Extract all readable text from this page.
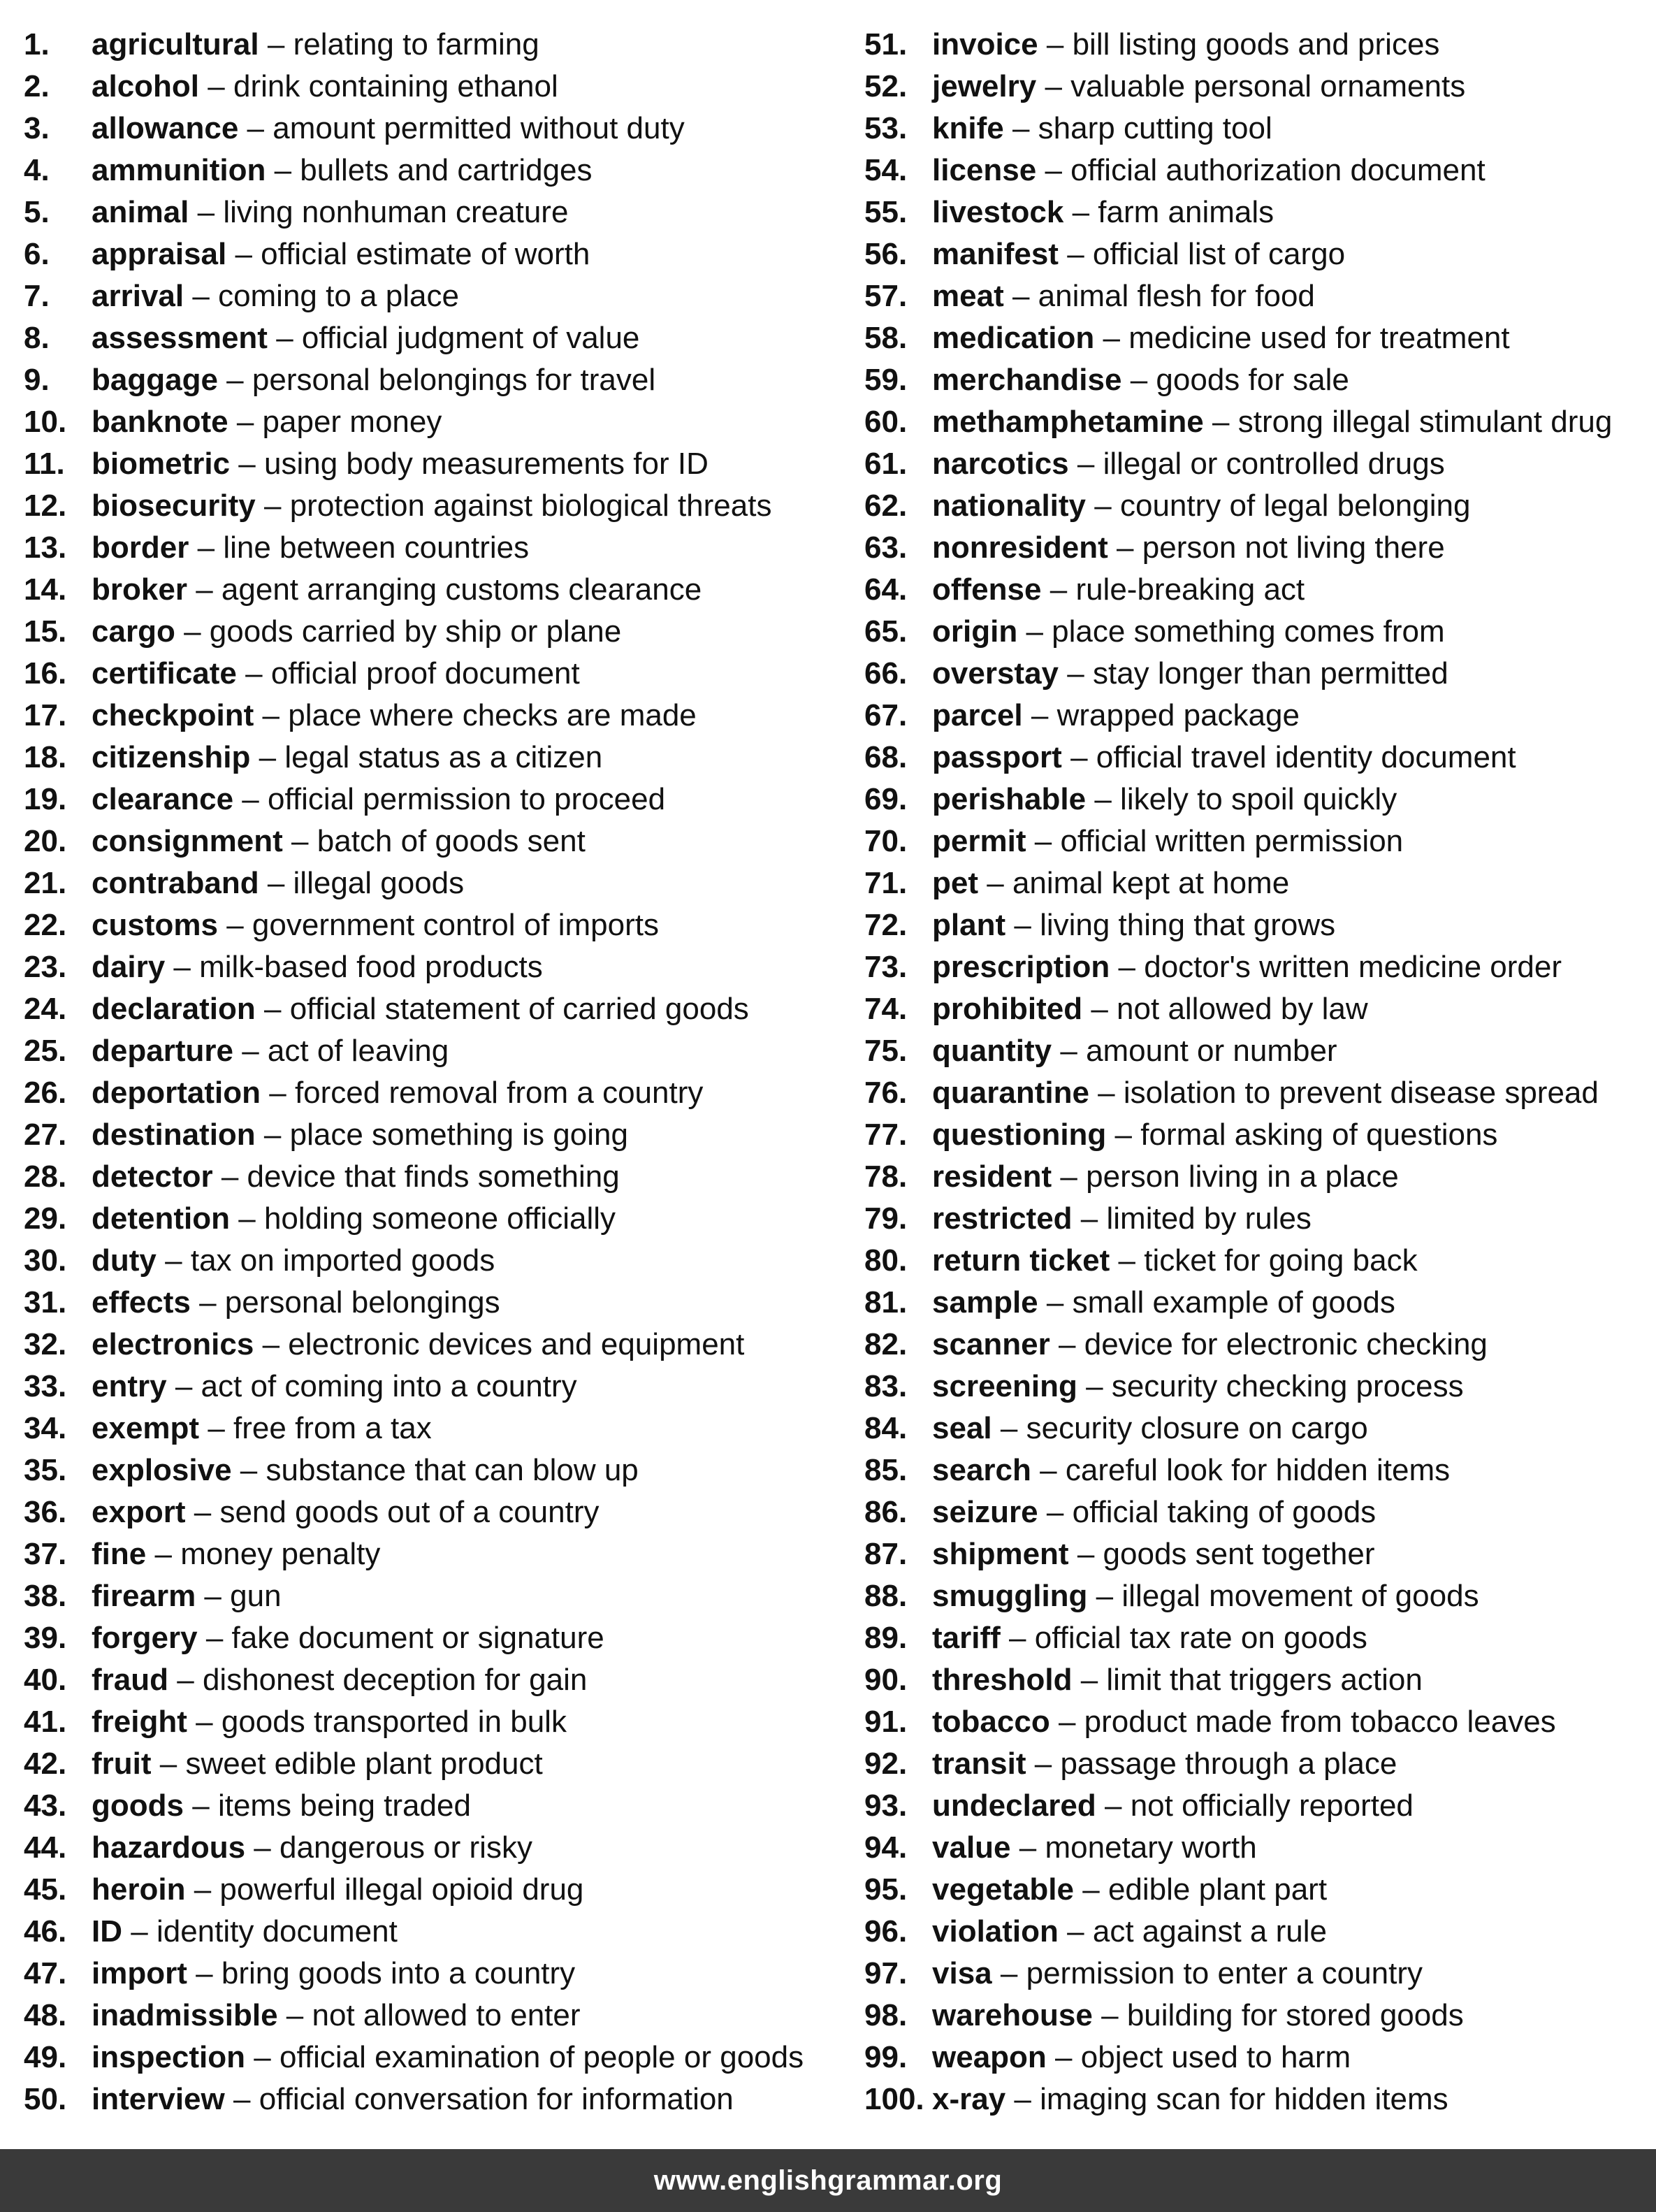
1. agricultural – relating to farming
2. alcohol – drink containing ethanol
3. allowance – amount permitted without duty
4. ammunition – bullets and cartridges
5. animal – living nonhuman creature
6. appraisal – official estimate of worth
7. arrival – coming to a place
8. assessment – official judgment of value
9. baggage – personal belongings for travel
10. banknote – paper money
11. biometric – using body measurements for ID
12. biosecurity – protection against biological threats
13. border – line between countries
14. broker – agent arranging customs clearance
15. cargo – goods carried by ship or plane
16. certificate – official proof document
17. checkpoint – place where checks are made
18. citizenship – legal status as a citizen
19. clearance – official permission to proceed
20. consignment – batch of goods sent
21. contraband – illegal goods
22. customs – government control of imports
23. dairy – milk-based food products
24. declaration – official statement of carried goods
25. departure – act of leaving
26. deportation – forced removal from a country
27. destination – place something is going
28. detector – device that finds something
29. detention – holding someone officially
30. duty – tax on imported goods
31. effects – personal belongings
32. electronics – electronic devices and equipment
33. entry – act of coming into a country
34. exempt – free from a tax
35. explosive – substance that can blow up
36. export – send goods out of a country
37. fine – money penalty
38. firearm – gun
39. forgery – fake document or signature
40. fraud – dishonest deception for gain
41. freight – goods transported in bulk
42. fruit – sweet edible plant product
43. goods – items being traded
44. hazardous – dangerous or risky
45. heroin – powerful illegal opioid drug
46. ID – identity document
47. import – bring goods into a country
48. inadmissible – not allowed to enter
49. inspection – official examination of people or goods
50. interview – official conversation for information
51. invoice – bill listing goods and prices
52. jewelry – valuable personal ornaments
53. knife – sharp cutting tool
54. license – official authorization document
55. livestock – farm animals
56. manifest – official list of cargo
57. meat – animal flesh for food
58. medication – medicine used for treatment
59. merchandise – goods for sale
60. methamphetamine – strong illegal stimulant drug
61. narcotics – illegal or controlled drugs
62. nationality – country of legal belonging
63. nonresident – person not living there
64. offense – rule-breaking act
65. origin – place something comes from
66. overstay – stay longer than permitted
67. parcel – wrapped package
68. passport – official travel identity document
69. perishable – likely to spoil quickly
70. permit – official written permission
71. pet – animal kept at home
72. plant – living thing that grows
73. prescription – doctor's written medicine order
74. prohibited – not allowed by law
75. quantity – amount or number
76. quarantine – isolation to prevent disease spread
77. questioning – formal asking of questions
78. resident – person living in a place
79. restricted – limited by rules
80. return ticket – ticket for going back
81. sample – small example of goods
82. scanner – device for electronic checking
83. screening – security checking process
84. seal – security closure on cargo
85. search – careful look for hidden items
86. seizure – official taking of goods
87. shipment – goods sent together
88. smuggling – illegal movement of goods
89. tariff – official tax rate on goods
90. threshold – limit that triggers action
91. tobacco – product made from tobacco leaves
92. transit – passage through a place
93. undeclared – not officially reported
94. value – monetary worth
95. vegetable – edible plant part
96. violation – act against a rule
97. visa – permission to enter a country
98. warehouse – building for stored goods
99. weapon – object used to harm
100. x-ray – imaging scan for hidden items
www.englishgrammar.org
